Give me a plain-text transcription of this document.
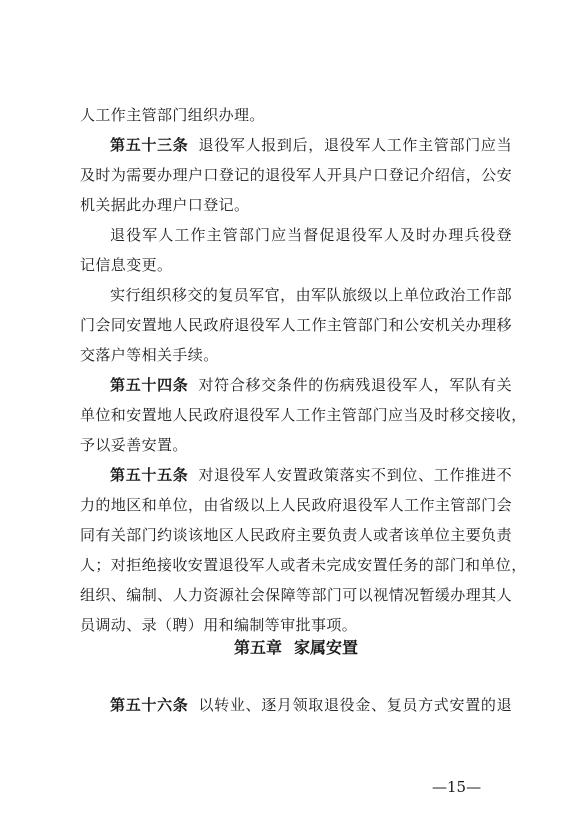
人工作主管部门组织办理。
第五十三条 退役军人报到后，退役军人工作主管部门应当
及时为需要办理户口登记的退役军人开具户口登记介绍信，公安
机关据此办理户口登记。
退役军人工作主管部门应当督促退役军人及时办理兵役登
记信息变更。
实行组织移交的复员军官，由军队旅级以上单位政治工作部
门会同安置地人民政府退役军人工作主管部门和公安机关办理移
交落户等相关手续。
第五十四条 对符合移交条件的伤病残退役军人，军队有关
单位和安置地人民政府退役军人工作主管部门应当及时移交接收，
予以妥善安置。
第五十五条 对退役军人安置政策落实不到位、工作推进不
力的地区和单位，由省级以上人民政府退役军人工作主管部门会
同有关部门约谈该地区人民政府主要负责人或者该单位主要负责
人；对拒绝接收安置退役军人或者未完成安置任务的部门和单位，
组织、编制、人力资源社会保障等部门可以视情况暂缓办理其人
员调动、录（聘）用和编制等审批事项。
第五章 家属安置
第五十六条 以转业、逐月领取退役金、复员方式安置的退
—15—
